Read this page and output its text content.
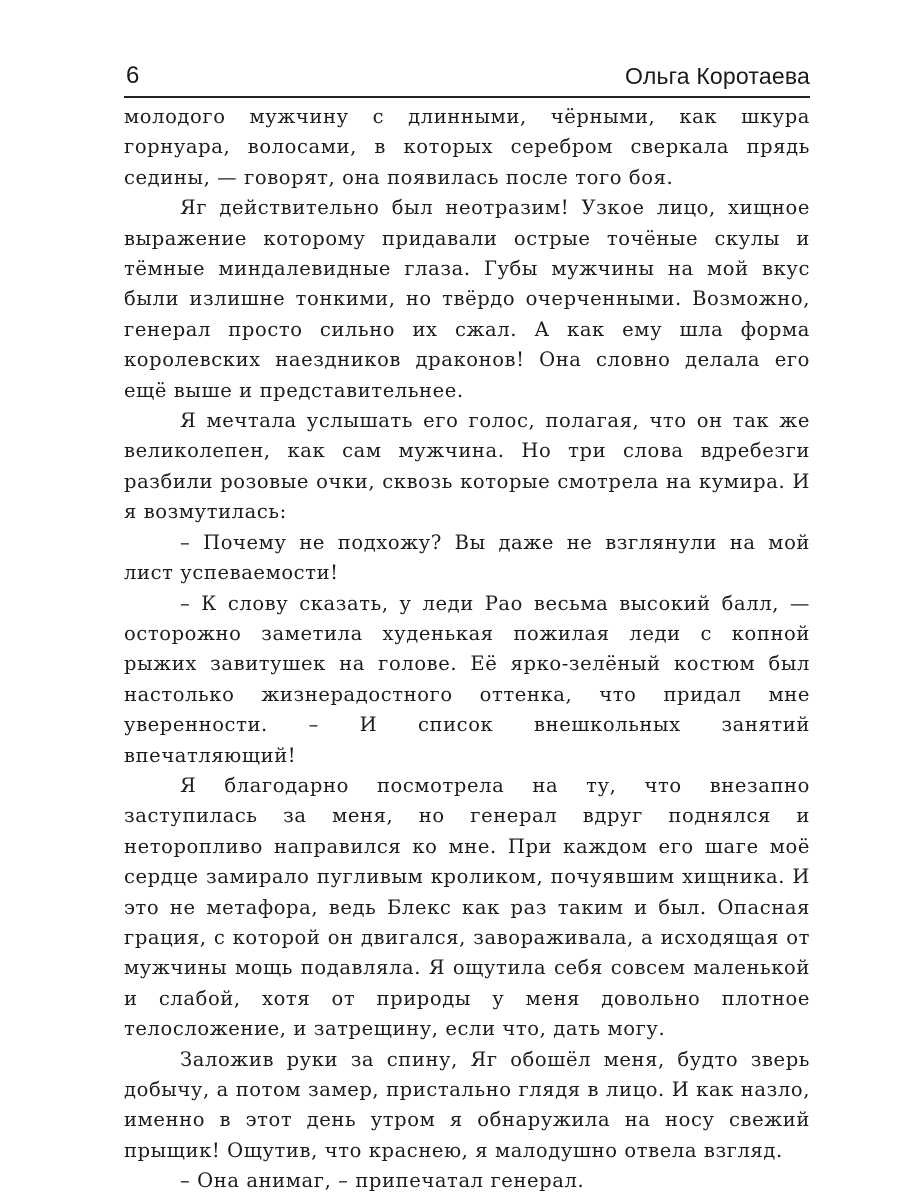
6	Ольга Коротаева

молодого мужчину с длинными, чёрными, как шкура горнуара, волосами, в которых серебром сверкала прядь седины, — говорят, она появилась после того боя.

Яг действительно был неотразим! Узкое лицо, хищное выражение которому придавали острые точёные скулы и тёмные миндалевидные глаза. Губы мужчины на мой вкус были излишне тонкими, но твёрдо очерченными. Возможно, генерал просто сильно их сжал. А как ему шла форма королевских наездников драконов! Она словно делала его ещё выше и представительнее.

Я мечтала услышать его голос, полагая, что он так же великолепен, как сам мужчина. Но три слова вдребезги разбили розовые очки, сквозь которые смотрела на кумира. И я возмутилась:

– Почему не подхожу? Вы даже не взглянули на мой лист успеваемости!

– К слову сказать, у леди Рао весьма высокий балл, — осторожно заметила худенькая пожилая леди с копной рыжих завитушек на голове. Её ярко-зелёный костюм был настолько жизнерадостного оттенка, что придал мне уверенности. – И список внешкольных занятий впечатляющий!

Я благодарно посмотрела на ту, что внезапно заступилась за меня, но генерал вдруг поднялся и неторопливо направился ко мне. При каждом его шаге моё сердце замирало пугливым кроликом, почуявшим хищника. И это не метафора, ведь Блекс как раз таким и был. Опасная грация, с которой он двигался, завораживала, а исходящая от мужчины мощь подавляла. Я ощутила себя совсем маленькой и слабой, хотя от природы у меня довольно плотное телосложение, и затрещину, если что, дать могу.

Заложив руки за спину, Яг обошёл меня, будто зверь добычу, а потом замер, пристально глядя в лицо. И как назло, именно в этот день утром я обнаружила на носу свежий прыщик! Ощутив, что краснею, я малодушно отвела взгляд.

– Она анимаг, – припечатал генерал.
